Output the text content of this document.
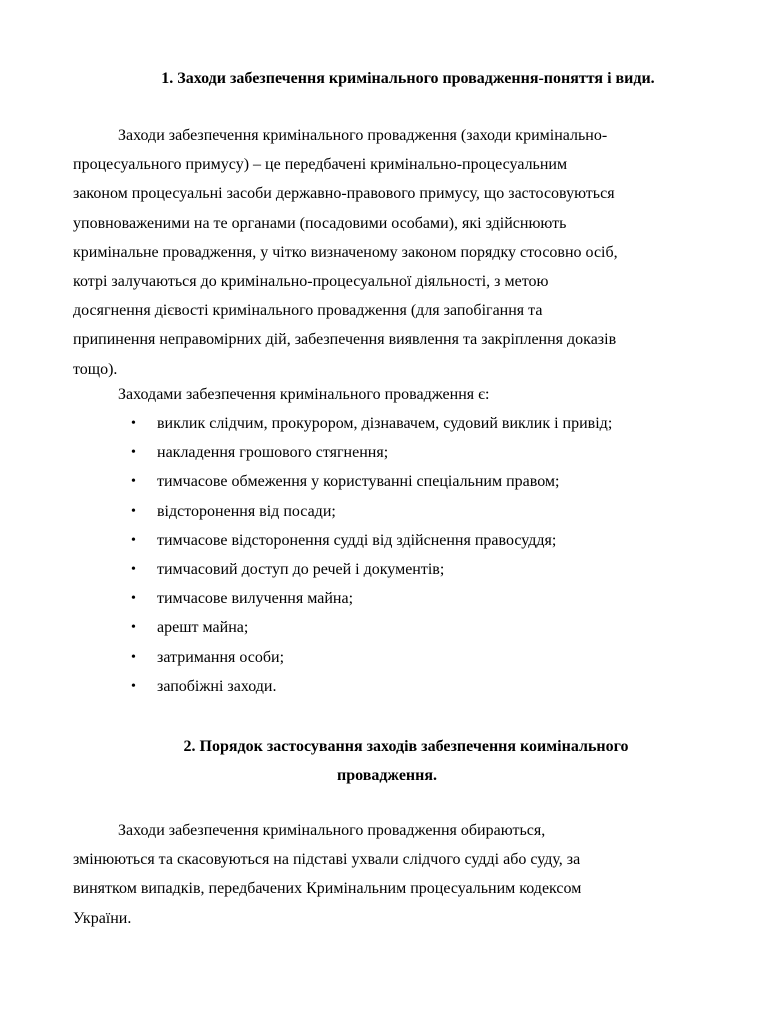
1. Заходи забезпечення кримінального провадження-поняття і види.
Заходи забезпечення кримінального провадження (заходи кримінально-
процесуального примусу) – це передбачені кримінально-процесуальним
законом процесуальні засоби державно-правового примусу, що застосовуються
уповноваженими на те органами (посадовими особами), які здійснюють
кримінальне провадження, у чітко визначеному законом порядку стосовно осіб,
котрі залучаються до кримінально-процесуальної діяльності, з метою
досягнення дієвості кримінального провадження (для запобігання та
припинення неправомірних дій, забезпечення виявлення та закріплення доказів
тощо).
Заходами забезпечення кримінального провадження є:
•	виклик слідчим, прокурором, дізнавачем, судовий виклик і привід;
•	накладення грошового стягнення;
•	тимчасове обмеження у користуванні спеціальним правом;
•	відсторонення від посади;
•	тимчасове відсторонення судді від здійснення правосуддя;
•	тимчасовий доступ до речей і документів;
•	тимчасове вилучення майна;
•	арешт майна;
•	затримання особи;
•	запобіжні заходи.
2. Порядок застосування заходів забезпечення коимінального
провадження.
Заходи забезпечення кримінального провадження обираються,
змінюються та скасовуються на підставі ухвали слідчого судді або суду, за
винятком випадків, передбачених Кримінальним процесуальним кодексом
України.
